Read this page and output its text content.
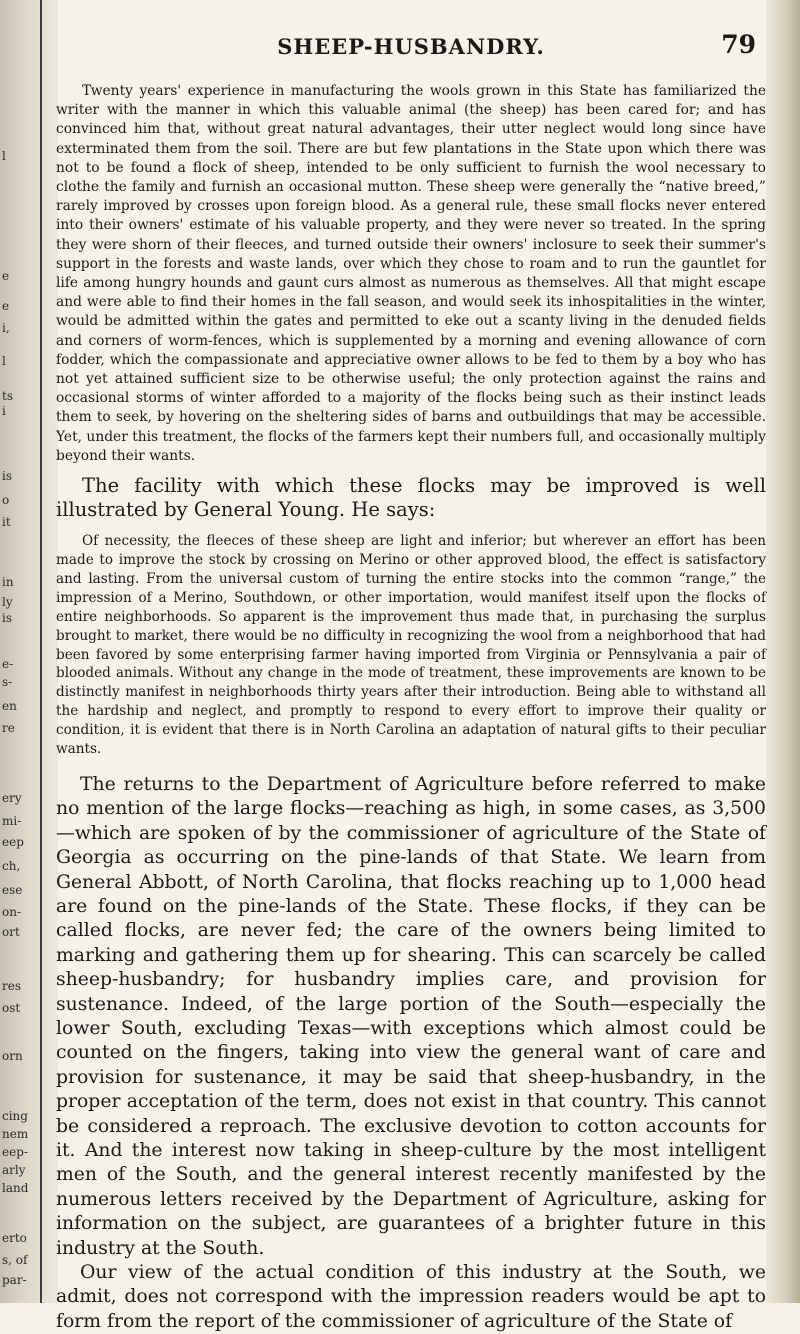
l
e
e
i,
l
ts
i
is
o
it
in
ly
is
e-
s-
en
re
ery
mi-
eep
ch,
ese
on-
ort
res
ost
orn
cing
nem
eep-
arly
land
erto
s, of
par-
SHEEP-HUSBANDRY.	79

Twenty years' experience in manufacturing the wools grown in this State has familiarized the writer with the manner in which this valuable animal (the sheep) has been cared for; and has convinced him that, without great natural advantages, their utter neglect would long since have exterminated them from the soil. There are but few plantations in the State upon which there was not to be found a flock of sheep, intended to be only sufficient to furnish the wool necessary to clothe the family and furnish an occasional mutton. These sheep were generally the “native breed,” rarely improved by crosses upon foreign blood. As a general rule, these small flocks never entered into their owners' estimate of his valuable property, and they were never so treated. In the spring they were shorn of their fleeces, and turned outside their owners' inclosure to seek their summer's support in the forests and waste lands, over which they chose to roam and to run the gauntlet for life among hungry hounds and gaunt curs almost as numerous as themselves. All that might escape and were able to find their homes in the fall season, and would seek its inhospitalities in the winter, would be admitted within the gates and permitted to eke out a scanty living in the denuded fields and corners of worm-fences, which is supplemented by a morning and evening allowance of corn fodder, which the compassionate and appreciative owner allows to be fed to them by a boy who has not yet attained sufficient size to be otherwise useful; the only protection against the rains and occasional storms of winter afforded to a majority of the flocks being such as their instinct leads them to seek, by hovering on the sheltering sides of barns and outbuildings that may be accessible. Yet, under this treatment, the flocks of the farmers kept their numbers full, and occasionally multiply beyond their wants.

The facility with which these flocks may be improved is well illustrated by General Young. He says:

Of necessity, the fleeces of these sheep are light and inferior; but wherever an effort has been made to improve the stock by crossing on Merino or other approved blood, the effect is satisfactory and lasting. From the universal custom of turning the entire stocks into the common “range,” the impression of a Merino, Southdown, or other importation, would manifest itself upon the flocks of entire neighborhoods. So apparent is the improvement thus made that, in purchasing the surplus brought to market, there would be no difficulty in recognizing the wool from a neighborhood that had been favored by some enterprising farmer having imported from Virginia or Pennsylvania a pair of blooded animals. Without any change in the mode of treatment, these improvements are known to be distinctly manifest in neighborhoods thirty years after their introduction. Being able to withstand all the hardship and neglect, and promptly to respond to every effort to improve their quality or condition, it is evident that there is in North Carolina an adaptation of natural gifts to their peculiar wants.

The returns to the Department of Agriculture before referred to make no mention of the large flocks—reaching as high, in some cases, as 3,500—which are spoken of by the commissioner of agriculture of the State of Georgia as occurring on the pine-lands of that State. We learn from General Abbott, of North Carolina, that flocks reaching up to 1,000 head are found on the pine-lands of the State. These flocks, if they can be called flocks, are never fed; the care of the owners being limited to marking and gathering them up for shearing. This can scarcely be called sheep-husbandry; for husbandry implies care, and provision for sustenance. Indeed, of the large portion of the South—especially the lower South, excluding Texas—with exceptions which almost could be counted on the fingers, taking into view the general want of care and provision for sustenance, it may be said that sheep-husbandry, in the proper acceptation of the term, does not exist in that country. This cannot be considered a reproach. The exclusive devotion to cotton accounts for it. And the interest now taking in sheep-culture by the most intelligent men of the South, and the general interest recently manifested by the numerous letters received by the Department of Agriculture, asking for information on the subject, are guarantees of a brighter future in this industry at the South.

Our view of the actual condition of this industry at the South, we admit, does not correspond with the impression readers would be apt to form from the report of the commissioner of agriculture of the State of
